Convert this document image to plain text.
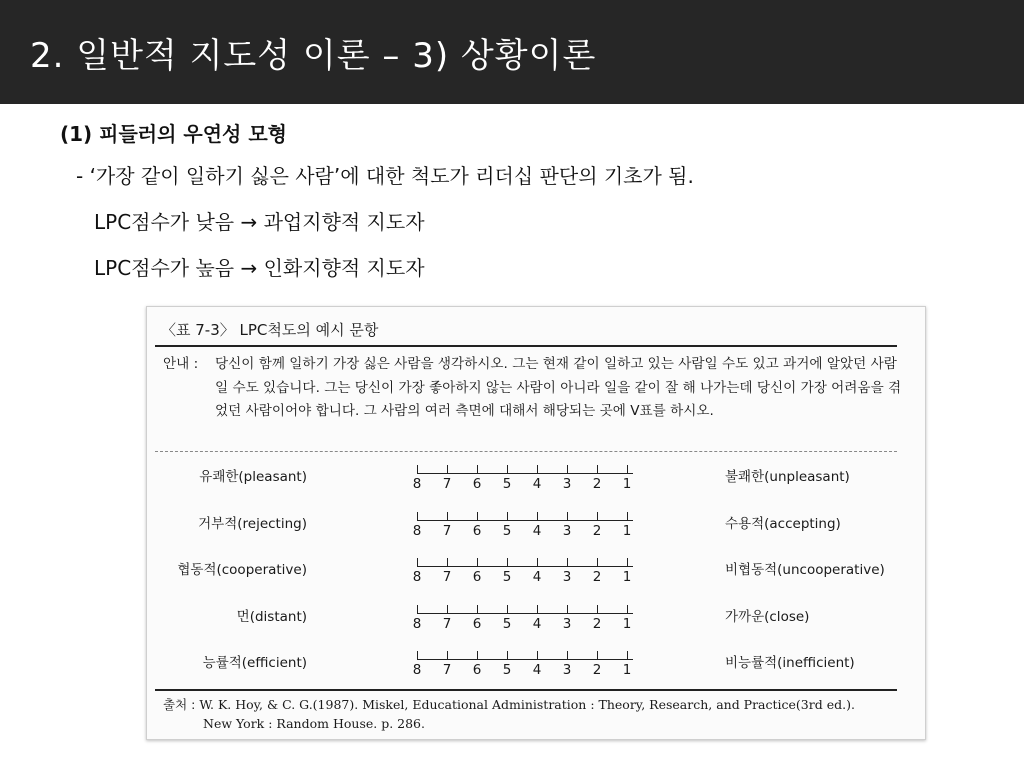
2. 일반적 지도성 이론 – 3) 상황이론
(1) 피들러의 우연성 모형
- ‘가장 같이 일하기 싫은 사람’에 대한 척도가 리더십 판단의 기초가 됨.
LPC점수가 낮음 → 과업지향적 지도자
LPC점수가 높음 → 인화지향적 지도자
〈표 7-3〉 LPC척도의 예시 문항
안내 :	당신이 함께 일하기 가장 싫은 사람을 생각하시오. 그는 현재 같이 일하고 있는 사람일 수도 있고 과거에 알았던 사람일 수도 있습니다. 그는 당신이 가장 좋아하지 않는 사람이 아니라 일을 같이 잘 해 나가는데 당신이 가장 어려움을 겪었던 사람이어야 합니다. 그 사람의 여러 측면에 대해서 해당되는 곳에 V표를 하시오.
유쾌한(pleasant)	8	7	6	5	4	3	2	1	불쾌한(unpleasant)
거부적(rejecting)	8	7	6	5	4	3	2	1	수용적(accepting)
협동적(cooperative)	8	7	6	5	4	3	2	1	비협동적(uncooperative)
먼(distant)	8	7	6	5	4	3	2	1	가까운(close)
능률적(efficient)	8	7	6	5	4	3	2	1	비능률적(inefficient)
출처 : W. K. Hoy, & C. G.(1987). Miskel, Educational Administration : Theory, Research, and Practice(3rd ed.).
New York : Random House. p. 286.
